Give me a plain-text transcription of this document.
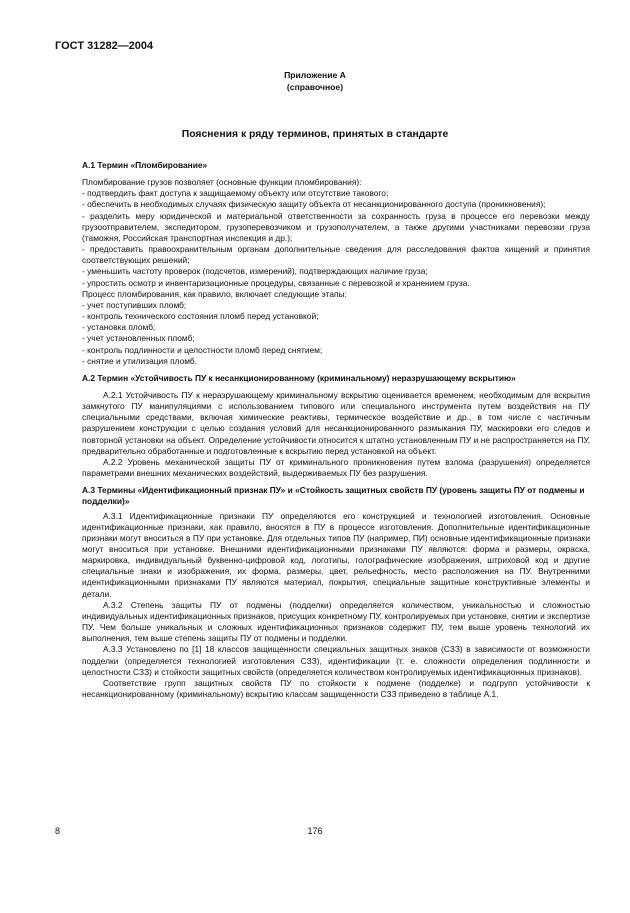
ГОСТ 31282—2004
Приложение А
(справочное)
Пояснения к ряду терминов, принятых в стандарте

А.1 Термин «Пломбирование»

Пломбирование грузов позволяет (основные функции пломбирования):

- подтвердить факт доступа к защищаемому объекту или отсутствие такового;

- обеспечить в необходимых случаях физическую защиту объекта от несанкционированного доступа (проникновения);

- разделить меру юридической и материальной ответственности за сохранность груза в процессе его перевозки между грузоотправителем, экспедитором, грузоперевозчиком и грузополучателем, а также другими участниками перевозки груза (таможня, Российская транспортная инспекция и др.);

- предоставить правоохранительным органам дополнительные сведения для расследования фактов хищений и принятия соответствующих решений;

- уменьшить частоту проверок (подсчетов, измерений), подтверждающих наличие груза;

- упростить осмотр и инвентаризационные процедуры, связанные с перевозкой и хранением груза.

Процесс пломбирования, как правило, включает следующие этапы:

- учет поступивших пломб;

- контроль технического состояния пломб перед установкой;

- установка пломб;

- учет установленных пломб;

- контроль подлинности и целостности пломб перед снятием;

- снятие и утилизация пломб.

А.2 Термин «Устойчивость ПУ к несанкционированному (криминальному) неразрушающему вскрытию»

А.2.1 Устойчивость ПУ к неразрушающему криминальному вскрытию оценивается временем, необходимым для вскрытия замкнутого ПУ манипуляциями с использованием типового или специального инструмента путем воздействия на ПУ специальными средствами, включая химические реактивы, термическое воздействие и др., в том числе с частичным разрушением конструкции с целью создания условий для несанкционированного размыкания ПУ, маскировки его следов и повторной установки на объект. Определение устойчивости относится к штатно установленным ПУ и не распространяется на ПУ, предварительно обработанные и подготовленные к вскрытию перед установкой на объект.

А.2.2 Уровень механической защиты ПУ от криминального проникновения путем взлома (разрушения) определяется параметрами внешних механических воздействий, выдерживаемых ПУ без разрушения.

А.3 Термины «Идентификационный признак ПУ» и «Стойкость защитных свойств ПУ (уровень защиты ПУ от подмены и подделки)»

А.3.1 Идентификационные признаки ПУ определяются его конструкцией и технологией изготовления. Основные идентификационные признаки, как правило, вносятся в ПУ в процессе изготовления. Дополнительные идентификационные признаки могут вноситься в ПУ при установке. Для отдельных типов ПУ (например, ПИ) основные идентификационные признаки могут вноситься при установке. Внешними идентификационными признаками ПУ являются: форма и размеры, окраска, маркировка, индивидуальный буквенно-цифровой код, логотипы, голографические изображения, штриховой код и другие специальные знаки и изображения, их форма, размеры, цвет, рельефность, место расположения на ПУ. Внутренними идентификационными признаками ПУ являются материал, покрытия, специальные защитные конструктивные элементы и детали.

А.3.2 Степень защиты ПУ от подмены (подделки) определяется количеством, уникальностью и сложностью индивидуальных идентификационных признаков, присущих конкретному ПУ, контролируемых при установке, снятии и экспертизе ПУ. Чем больше уникальных и сложных идентификационных признаков содержит ПУ, тем выше уровень технологий их выполнения, тем выше степень защиты ПУ от подмены и подделки.

А.3.3 Установлено по [1] 18 классов защищенности специальных защитных знаков (СЗЗ) в зависимости от возможности подделки (определяется технологией изготовления СЗЗ), идентификации (т. е. сложности определения подлинности и целостности СЗЗ) и стойкости защитных свойств (определяется количеством контролируемых идентификационных признаков).

Соответствие групп защитных свойств ПУ по стойкости к подмене (подделке) и подгрупп устойчивости к несанкционированному (криминальному) вскрытию классам защищенности СЗЗ приведено в таблице А.1.

8	176
